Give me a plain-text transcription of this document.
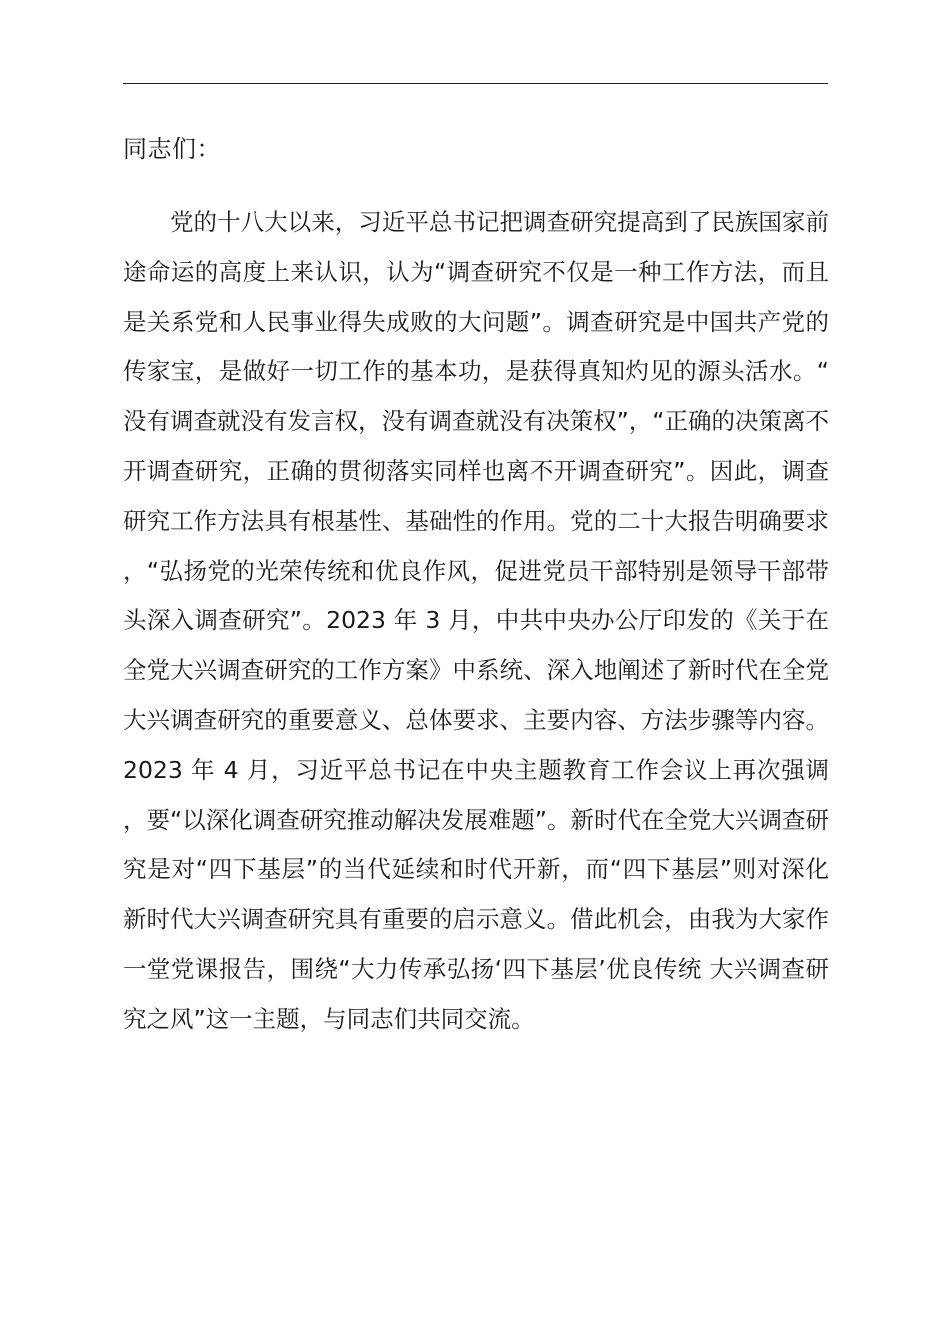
同志们：

党的十八大以来，习近平总书记把调查研究提高到了民族国家前途命运的高度上来认识，认为“调查研究不仅是一种工作方法，而且是关系党和人民事业得失成败的大问题”。调查研究是中国共产党的传家宝，是做好一切工作的基本功，是获得真知灼见的源头活水。“没有调查就没有发言权，没有调查就没有决策权”，“正确的决策离不开调查研究，正确的贯彻落实同样也离不开调查研究”。因此，调查研究工作方法具有根基性、基础性的作用。党的二十大报告明确要求，“弘扬党的光荣传统和优良作风，促进党员干部特别是领导干部带头深入调查研究”。2023 年 3 月，中共中央办公厅印发的《关于在全党大兴调查研究的工作方案》中系统、深入地阐述了新时代在全党大兴调查研究的重要意义、总体要求、主要内容、方法步骤等内容。2023 年 4 月，习近平总书记在中央主题教育工作会议上再次强调，要“以深化调查研究推动解决发展难题”。新时代在全党大兴调查研究是对“四下基层”的当代延续和时代开新，而“四下基层”则对深化新时代大兴调查研究具有重要的启示意义。借此机会，由我为大家作一堂党课报告，围绕“大力传承弘扬‘四下基层’优良传统 大兴调查研究之风”这一主题，与同志们共同交流。
